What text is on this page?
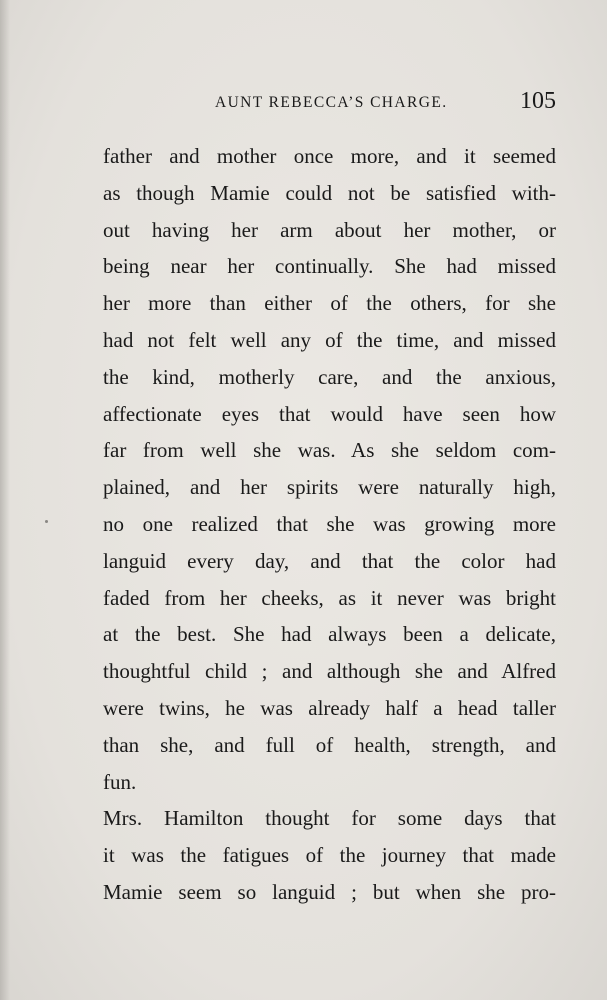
AUNT REBECCA’S CHARGE.	105
father and mother once more, and it seemed
as though Mamie could not be satisfied with-
out having her arm about her mother, or
being near her continually. She had missed
her more than either of the others, for she
had not felt well any of the time, and missed
the kind, motherly care, and the anxious,
affectionate eyes that would have seen how
far from well she was. As she seldom com-
plained, and her spirits were naturally high,
no one realized that she was growing more
languid every day, and that the color had
faded from her cheeks, as it never was bright
at the best. She had always been a delicate,
thoughtful child ; and although she and Alfred
were twins, he was already half a head taller
than she, and full of health, strength, and
fun.
Mrs. Hamilton thought for some days that
it was the fatigues of the journey that made
Mamie seem so languid ; but when she pro-
